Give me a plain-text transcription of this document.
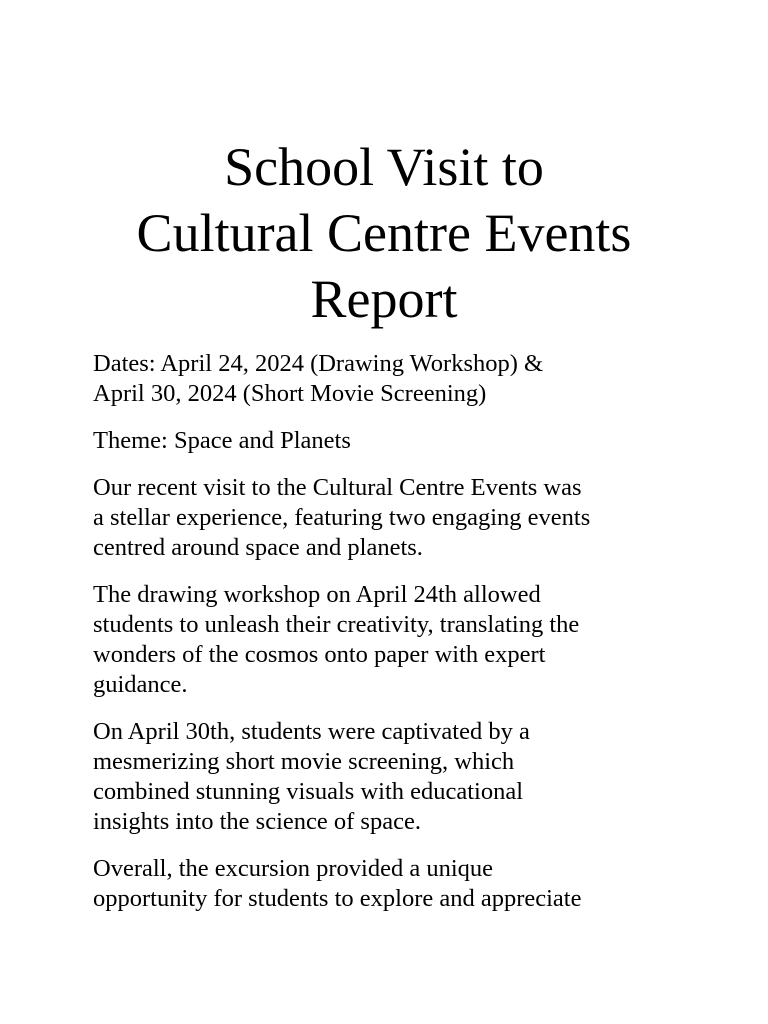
School Visit to
Cultural Centre Events
Report

Dates: April 24, 2024 (Drawing Workshop) &
April 30, 2024 (Short Movie Screening)

Theme: Space and Planets

Our recent visit to the Cultural Centre Events was
a stellar experience, featuring two engaging events
centred around space and planets.

The drawing workshop on April 24th allowed
students to unleash their creativity, translating the
wonders of the cosmos onto paper with expert
guidance.

On April 30th, students were captivated by a
mesmerizing short movie screening, which
combined stunning visuals with educational
insights into the science of space.

Overall, the excursion provided a unique
opportunity for students to explore and appreciate
